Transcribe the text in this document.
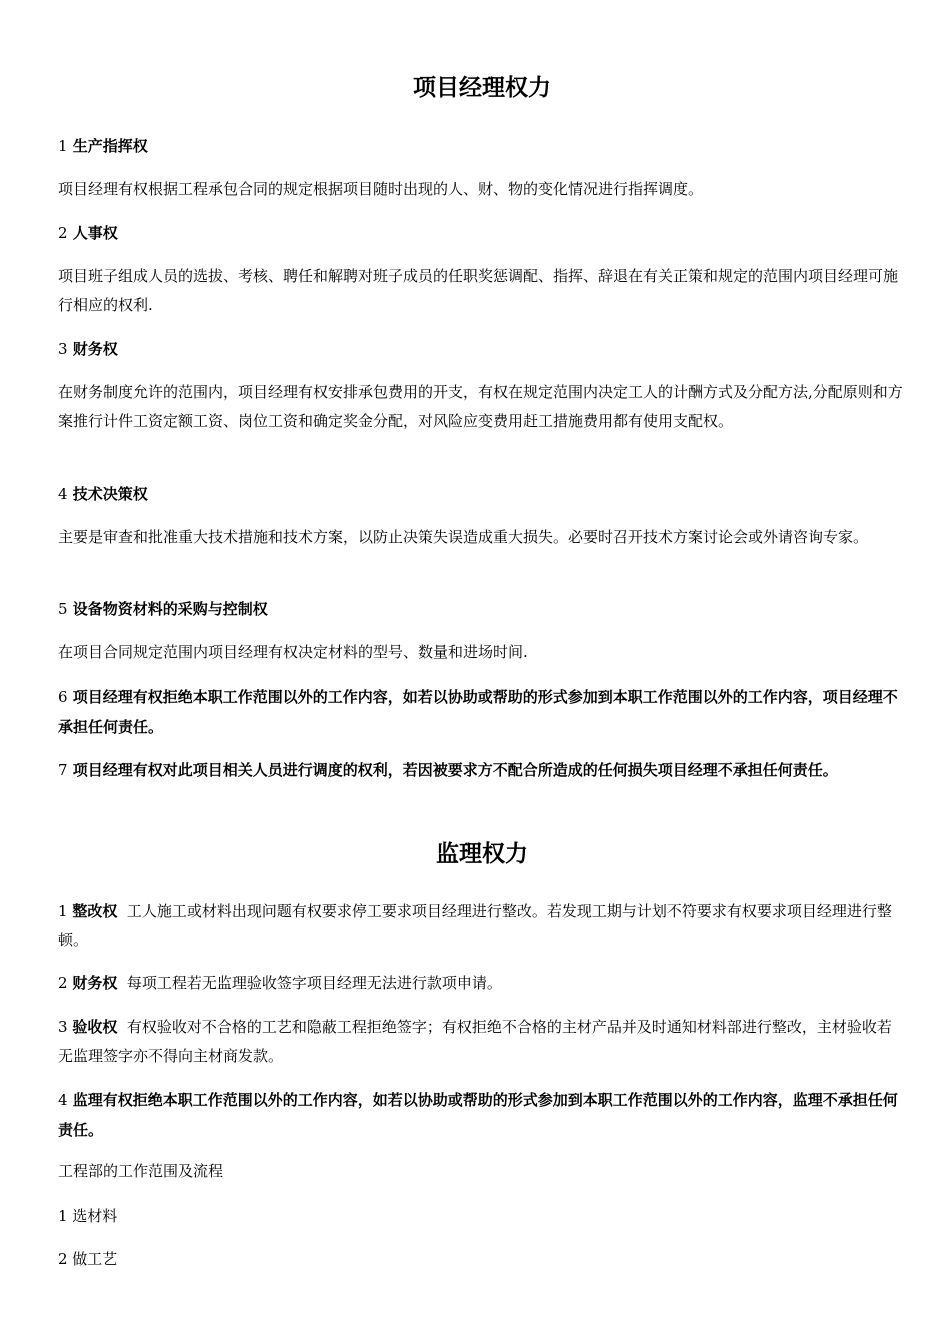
项目经理权力

1 生产指挥权

项目经理有权根据工程承包合同的规定根据项目随时出现的人、财、物的变化情况进行指挥调度。

2 人事权

项目班子组成人员的选拔、考核、聘任和解聘对班子成员的任职奖惩调配、指挥、辞退在有关正策和规定的范围内项目经理可施行相应的权利.

3 财务权

在财务制度允许的范围内，项目经理有权安排承包费用的开支，有权在规定范围内决定工人的计酬方式及分配方法,分配原则和方案推行计件工资定额工资、岗位工资和确定奖金分配，对风险应变费用赶工措施费用都有使用支配权。

4 技术决策权

主要是审查和批准重大技术措施和技术方案，以防止决策失误造成重大损失。必要时召开技术方案讨论会或外请咨询专家。

5 设备物资材料的采购与控制权

在项目合同规定范围内项目经理有权决定材料的型号、数量和进场时间.

6 项目经理有权拒绝本职工作范围以外的工作内容，如若以协助或帮助的形式参加到本职工作范围以外的工作内容，项目经理不承担任何责任。

7 项目经理有权对此项目相关人员进行调度的权利，若因被要求方不配合所造成的任何损失项目经理不承担任何责任。

监理权力

1 整改权 工人施工或材料出现问题有权要求停工要求项目经理进行整改。若发现工期与计划不符要求有权要求项目经理进行整顿。

2 财务权 每项工程若无监理验收签字项目经理无法进行款项申请。

3 验收权 有权验收对不合格的工艺和隐蔽工程拒绝签字；有权拒绝不合格的主材产品并及时通知材料部进行整改，主材验收若无监理签字亦不得向主材商发款。

4 监理有权拒绝本职工作范围以外的工作内容，如若以协助或帮助的形式参加到本职工作范围以外的工作内容，监理不承担任何责任。

工程部的工作范围及流程

1 选材料

2 做工艺
